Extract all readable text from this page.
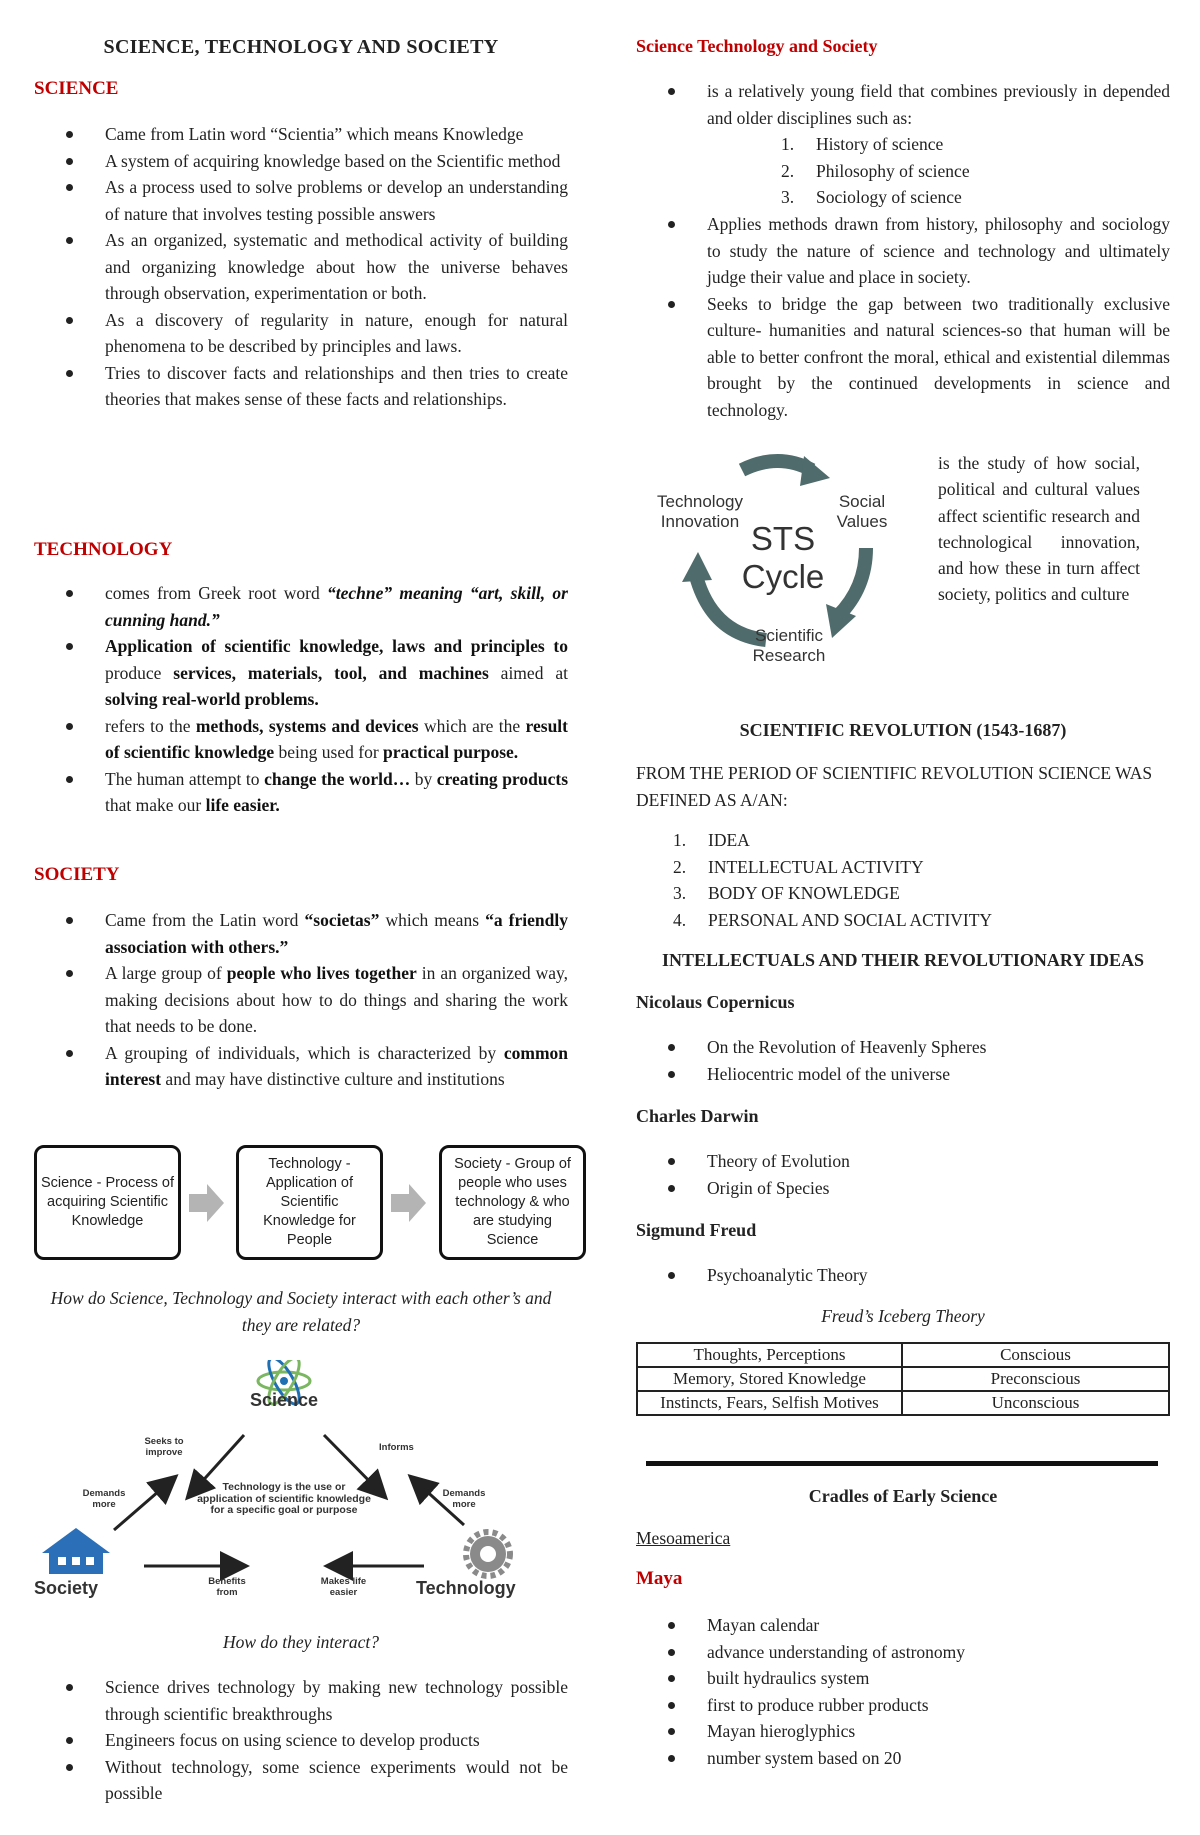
SCIENCE, TECHNOLOGY AND SOCIETY
SCIENCE
Came from Latin word “Scientia” which means Knowledge
A system of acquiring knowledge based on the Scientific method
As a process used to solve problems or develop an understanding of nature that involves testing possible answers
As an organized, systematic and methodical activity of building and organizing knowledge about how the universe behaves through observation, experimentation or both.
As a discovery of regularity in nature, enough for natural phenomena to be described by principles and laws.
Tries to discover facts and relationships and then tries to create theories that makes sense of these facts and relationships.
TECHNOLOGY
comes from Greek root word “techne” meaning “art, skill, or cunning hand.”
Application of scientific knowledge, laws and principles to produce services, materials, tool, and machines aimed at solving real-world problems.
refers to the methods, systems and devices which are the result of scientific knowledge being used for practical purpose.
The human attempt to change the world… by creating products that make our life easier.
SOCIETY
Came from the Latin word “societas” which means “a friendly association with others.”
A large group of people who lives together in an organized way, making decisions about how to do things and sharing the work that needs to be done.
A grouping of individuals, which is characterized by common interest and may have distinctive culture and institutions
Science - Process of acquiring Scientific Knowledge
Technology - Application of Scientific Knowledge for People
Society - Group of people who uses technology & who are studying Science
How do Science, Technology and Society interact with each other’s and they are related?
Science
Society	Technology
Seeks to improve	Informs
Demands more
Demands more
Technology is the use or application of scientific knowledge for a specific goal or purpose
Benefits from
Makes life easier
How do they interact?
Science drives technology by making new technology possible through scientific breakthroughs
Engineers focus on using science to develop products
Without technology, some science experiments would not be possible
Science Technology and Society
is a relatively young field that combines previously in depended and older disciplines such as:
1. History of science
2. Philosophy of science
3. Sociology of science
Applies methods drawn from history, philosophy and sociology to study the nature of science and technology and ultimately judge their value and place in society.
Seeks to bridge the gap between two traditionally exclusive culture- humanities and natural sciences-so that human will be able to better confront the moral, ethical and existential dilemmas brought by the continued developments in science and technology.
STS
Cycle
Technology
Innovation
Social
Values
Scientific
Research
is the study of how social, political and cultural values affect scientific research and technological innovation, and how these in turn affect society, politics and culture
SCIENTIFIC REVOLUTION (1543-1687)
FROM THE PERIOD OF SCIENTIFIC REVOLUTION SCIENCE WAS DEFINED AS A/AN:
1. IDEA
2. INTELLECTUAL ACTIVITY
3. BODY OF KNOWLEDGE
4. PERSONAL AND SOCIAL ACTIVITY
INTELLECTUALS AND THEIR REVOLUTIONARY IDEAS
Nicolaus Copernicus
On the Revolution of Heavenly Spheres
Heliocentric model of the universe
Charles Darwin
Theory of Evolution
Origin of Species
Sigmund Freud
Psychoanalytic Theory
Freud’s Iceberg Theory
Thoughts, Perceptions	Conscious
Memory, Stored Knowledge	Preconscious
Instincts, Fears, Selfish Motives	Unconscious
Cradles of Early Science
Mesoamerica
Maya
Mayan calendar
advance understanding of astronomy
built hydraulics system
first to produce rubber products
Mayan hieroglyphics
number system based on 20
